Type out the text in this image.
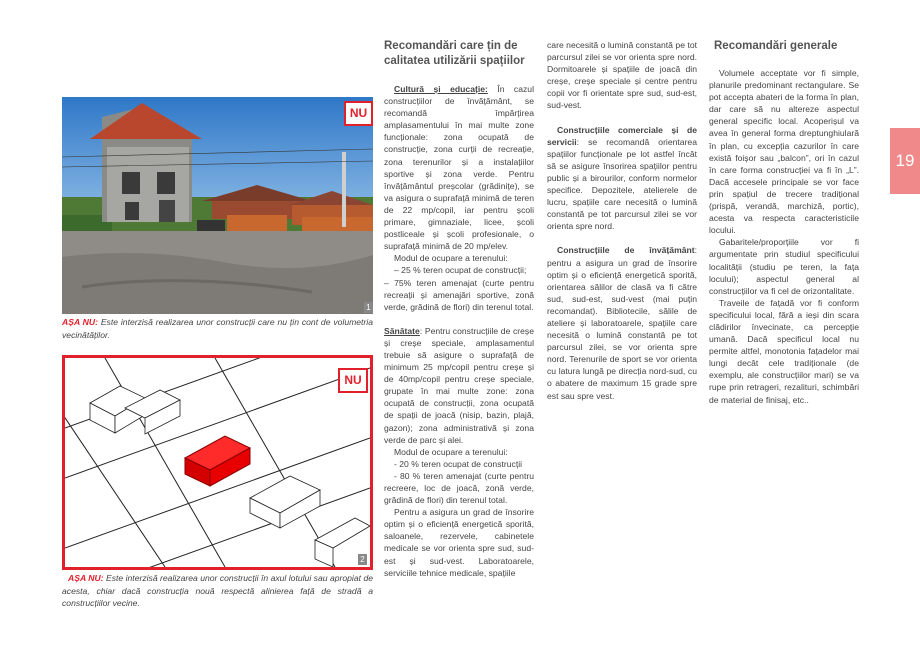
NU
1
AȘA NU: Este interzisă realizarea unor construcții care nu țin cont de volumetria vecinătăților.
NU
2
AȘA NU: Este interzisă realizarea unor construcții în axul lotului sau apropiat de acesta, chiar dacă construcția nouă respectă alinierea față de stradă a construcțiilor vecine.
Recomandări care țin de calitatea utilizării spațiilor

Cultură și educație: În cazul construcțiilor de învățământ, se recomandă împărțirea amplasamentului în mai multe zone funcționale: zona ocupată de construcție, zona curții de recreație, zona terenurilor și a instalațiilor sportive și zona verde. Pentru învățământul preșcolar (grădinițe), se va asigura o suprafață minimă de teren de 22 mp/copil, iar pentru școli primare, gimnaziale, licee, școli postliceale și școli profesionale, o suprafață minimă de 20 mp/elev.

Modul de ocupare a terenului:

– 25 % teren ocupat de construcții;

– 75% teren amenajat (curte pentru recreații și amenajări sportive, zonă verde, grădină de flori) din terenul total.

Sănătate: Pentru construcțiile de creșe și creșe speciale, amplasamentul trebuie să asigure o suprafață de minimum 25 mp/copil pentru creșe și de 40mp/copil pentru creșe speciale, grupate în mai multe zone: zona ocupată de construcții, zona ocupată de spații de joacă (nisip, bazin, plajă, gazon); zona administrativă și zona verde de parc și alei.

Modul de ocupare a terenului:

- 20 % teren ocupat de construcții

- 80 % teren amenajat (curte pentru recreere, loc de joacă, zonă verde, grădină de flori) din terenul total.

Pentru a asigura un grad de însorire optim și o eficiență energetică sporită, saloanele, rezervele, cabinetele medicale se vor orienta spre sud, sud-est și sud-vest. Laboratoarele, serviciile tehnice medicale, spațiile

care necesită o lumină constantă pe tot parcursul zilei se vor orienta spre nord. Dormitoarele și spațiile de joacă din creșe, creșe speciale și centre pentru copii vor fi orientate spre sud, sud-est, sud-vest.

Construcțiile comerciale și de servicii: se recomandă orientarea spațiilor funcționale pe lot astfel încât să se asigure însorirea spațiilor pentru public și a birourilor, conform normelor specifice. Depozitele, atelierele de lucru, spațiile care necesită o lumină constantă pe tot parcursul zilei se vor orienta spre nord.

Construcțiile de învățământ: pentru a asigura un grad de însorire optim și o eficiență energetică sporită, orientarea sălilor de clasă va fi către sud, sud-est, sud-vest (mai puțin recomandat). Bibliotecile, sălile de ateliere și laboratoarele, spațiile care necesită o lumină constantă pe tot parcursul zilei, se vor orienta spre nord. Terenurile de sport se vor orienta cu latura lungă pe direcția nord-sud, cu o abatere de maximum 15 grade spre est sau spre vest.

Recomandări generale

Volumele acceptate vor fi simple, planurile predominant rectangulare. Se pot accepta abateri de la forma în plan, dar care să nu altereze aspectul general specific local. Acoperișul va avea în general forma dreptunghiulară în plan, cu excepția cazurilor în care există foișor sau „balcon”, ori în cazul în care forma construcției va fi în „L”. Dacă accesele principale se vor face prin spațiul de trecere tradițional (prispă, verandă, marchiză, portic), acesta va respecta caracteristicile locului.

Gabaritele/proporțiile vor fi argumentate prin studiul specificului localității (studiu pe teren, la fața locului); aspectul general al construcțiilor va fi cel de orizontalitate.

Traveile de fațadă vor fi conform specificului local, fără a ieși din scara clădirilor învecinate, ca percepție umană. Dacă specificul local nu permite altfel, monotonia fațadelor mai lungi decât cele tradiționale (de exemplu, ale construcțiilor mari) se va rupe prin retrageri, rezalituri, schimbări de material de finisaj, etc..

19
